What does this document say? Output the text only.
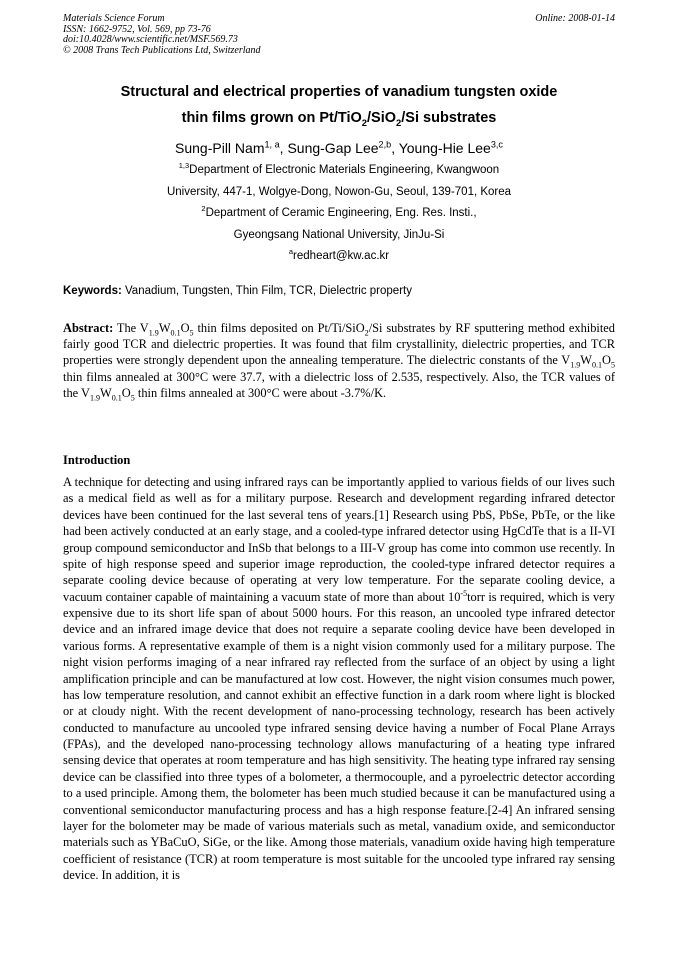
Materials Science Forum
ISSN: 1662-9752, Vol. 569, pp 73-76
doi:10.4028/www.scientific.net/MSF.569.73
© 2008 Trans Tech Publications Ltd, Switzerland
Online: 2008-01-14
Structural and electrical properties of vanadium tungsten oxide
thin films grown on Pt/TiO$_2$/SiO$_2$/Si substrates
Sung-Pill Nam$^{1, a}$, Sung-Gap Lee$^{2,b}$, Young-Hie Lee$^{3,c}$
$^{1,3}$Department of Electronic Materials Engineering, Kwangwoon
University, 447-1, Wolgye-Dong, Nowon-Gu, Seoul, 139-701, Korea
$^2$Department of Ceramic Engineering, Eng. Res. Insti.,
Gyeongsang National University, JinJu-Si
$^a$redheart@kw.ac.kr
Keywords: Vanadium, Tungsten, Thin Film, TCR, Dielectric property
Abstract: The $V_{1.9}W_{0.1}O_5$ thin films deposited on Pt/Ti/SiO$_2$/Si substrates by RF sputtering method exhibited fairly good TCR and dielectric properties. It was found that film crystallinity, dielectric properties, and TCR properties were strongly dependent upon the annealing temperature. The dielectric constants of the $V_{1.9}W_{0.1}O_5$ thin films annealed at 300°C were 37.7, with a dielectric loss of 2.535, respectively. Also, the TCR values of the $V_{1.9}W_{0.1}O_5$ thin films annealed at 300°C were about -3.7%/K.
Introduction
A technique for detecting and using infrared rays can be importantly applied to various fields of our lives such as a medical field as well as for a military purpose. Research and development regarding infrared detector devices have been continued for the last several tens of years.[1] Research using PbS, PbSe, PbTe, or the like had been actively conducted at an early stage, and a cooled-type infrared detector using HgCdTe that is a II-VI group compound semiconductor and InSb that belongs to a III-V group has come into common use recently. In spite of high response speed and superior image reproduction, the cooled-type infrared detector requires a separate cooling device because of operating at very low temperature. For the separate cooling device, a vacuum container capable of maintaining a vacuum state of more than about $10^{-5}torr$ is required, which is very expensive due to its short life span of about 5000 hours. For this reason, an uncooled type infrared detector device and an infrared image device that does not require a separate cooling device have been developed in various forms. A representative example of them is a night vision commonly used for a military purpose. The night vision performs imaging of a near infrared ray reflected from the surface of an object by using a light amplification principle and can be manufactured at low cost. However, the night vision consumes much power, has low temperature resolution, and cannot exhibit an effective function in a dark room where light is blocked or at cloudy night. With the recent development of nano-processing technology, research has been actively conducted to manufacture au uncooled type infrared sensing device having a number of Focal Plane Arrays (FPAs), and the developed nano-processing technology allows manufacturing of a heating type infrared sensing device that operates at room temperature and has high sensitivity. The heating type infrared ray sensing device can be classified into three types of a bolometer, a thermocouple, and a pyroelectric detector according to a used principle. Among them, the bolometer has been much studied because it can be manufactured using a conventional semiconductor manufacturing process and has a high response feature.[2-4] An infrared sensing layer for the bolometer may be made of various materials such as metal, vanadium oxide, and semiconductor materials such as YBaCuO, SiGe, or the like. Among those materials, vanadium oxide having high temperature coefficient of resistance (TCR) at room temperature is most suitable for the uncooled type infrared ray sensing device. In addition, it is
